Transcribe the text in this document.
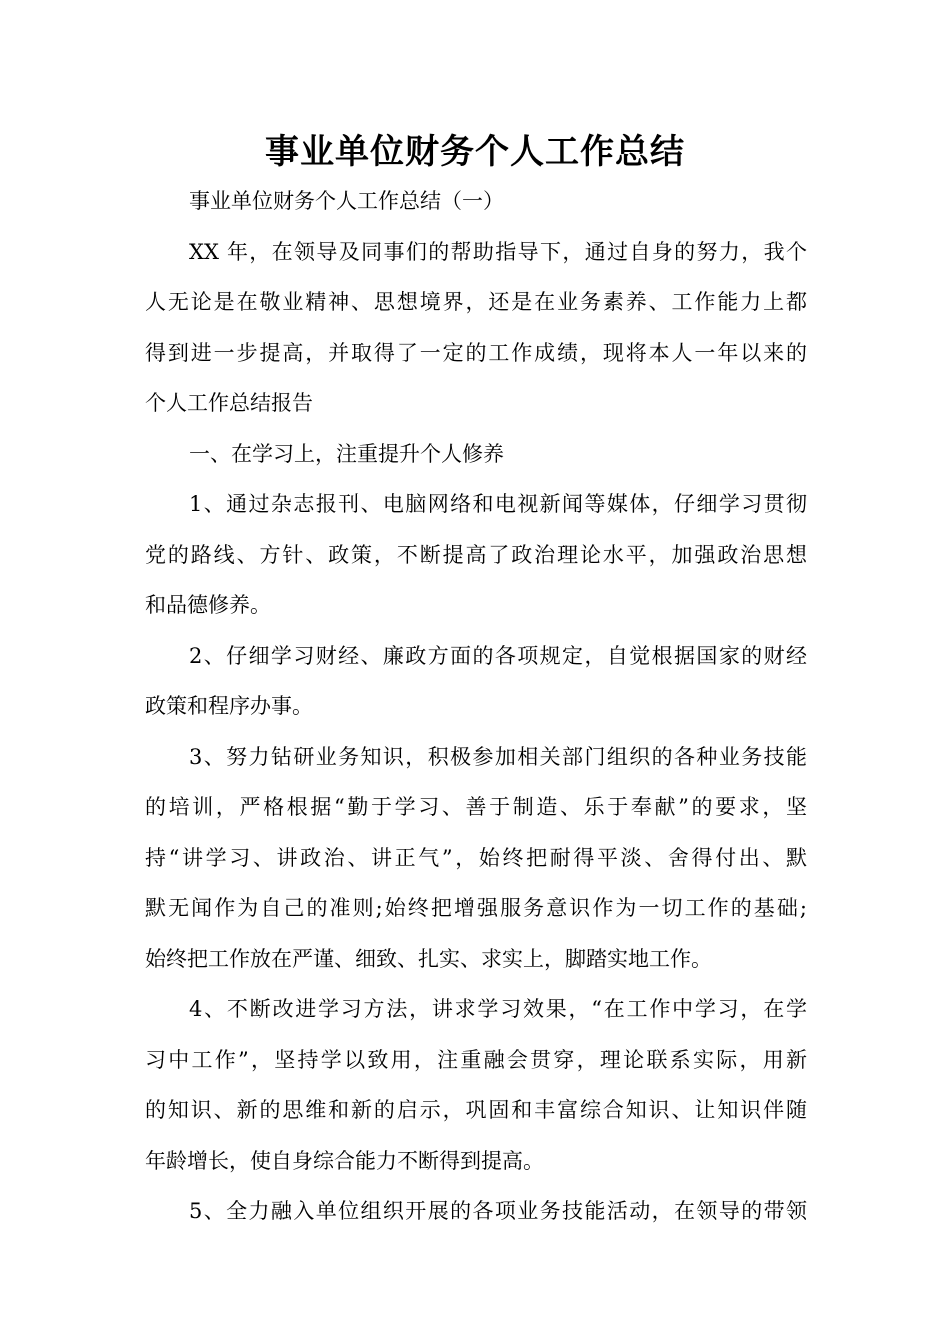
事业单位财务个人工作总结

事业单位财务个人工作总结（一）

XX 年，在领导及同事们的帮助指导下，通过自身的努力，我个
人无论是在敬业精神、思想境界，还是在业务素养、工作能力上都
得到进一步提高，并取得了一定的工作成绩，现将本人一年以来的
个人工作总结报告
一、在学习上，注重提升个人修养
1、通过杂志报刊、电脑网络和电视新闻等媒体，仔细学习贯彻
党的路线、方针、政策，不断提高了政治理论水平，加强政治思想
和品德修养。
2、仔细学习财经、廉政方面的各项规定，自觉根据国家的财经
政策和程序办事。
3、努力钻研业务知识，积极参加相关部门组织的各种业务技能
的培训，严格根据“勤于学习、善于制造、乐于奉献”的要求，坚
持“讲学习、讲政治、讲正气”，始终把耐得平淡、舍得付出、默
默无闻作为自己的准则;始终把增强服务意识作为一切工作的基础;
始终把工作放在严谨、细致、扎实、求实上，脚踏实地工作。
4、不断改进学习方法，讲求学习效果，“在工作中学习，在学
习中工作”，坚持学以致用，注重融会贯穿，理论联系实际，用新
的知识、新的思维和新的启示，巩固和丰富综合知识、让知识伴随
年龄增长，使自身综合能力不断得到提高。
5、全力融入单位组织开展的各项业务技能活动，在领导的带领
